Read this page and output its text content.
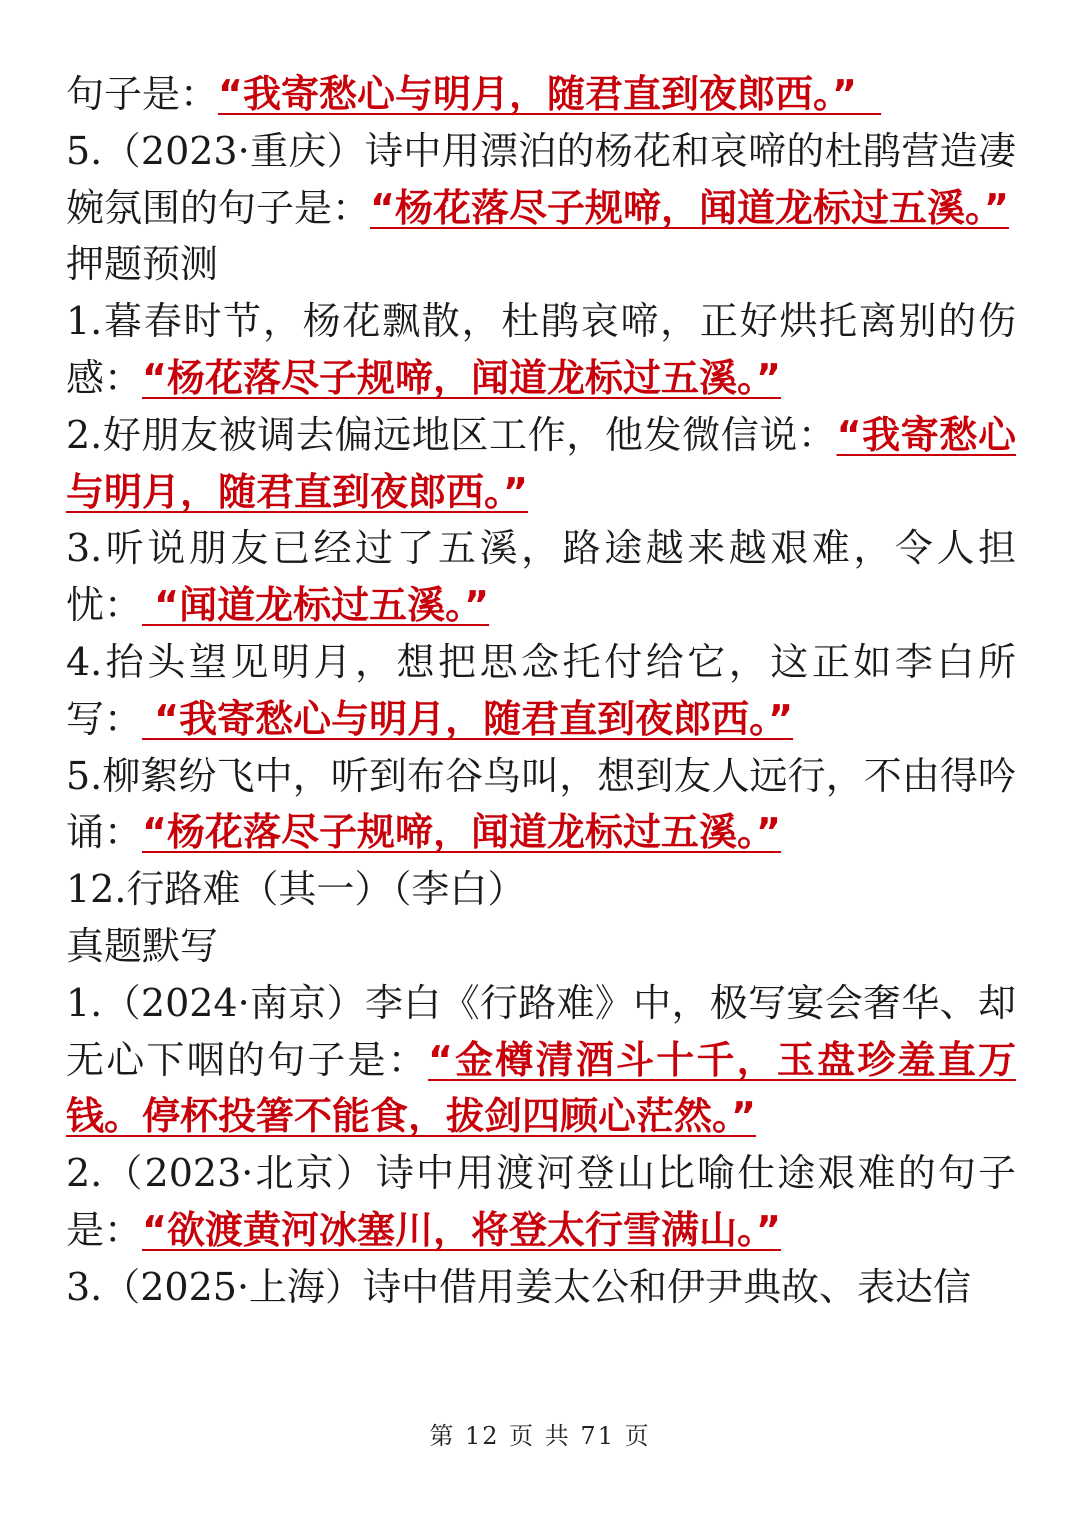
句子是：“我寄愁心与明月，随君直到夜郎西。”

5.（2023·重庆）诗中用漂泊的杨花和哀啼的杜鹃营造凄婉氛围的句子是：“杨花落尽子规啼，闻道龙标过五溪。”

押题预测

1.暮春时节，杨花飘散，杜鹃哀啼，正好烘托离别的伤感：“杨花落尽子规啼，闻道龙标过五溪。”

2.好朋友被调去偏远地区工作，他发微信说：“我寄愁心与明月，随君直到夜郎西。”

3.听说朋友已经过了五溪，路途越来越艰难，令人担忧： “闻道龙标过五溪。”

4.抬头望见明月，想把思念托付给它，这正如李白所写： “我寄愁心与明月，随君直到夜郎西。”

5.柳絮纷飞中，听到布谷鸟叫，想到友人远行，不由得吟诵：“杨花落尽子规啼，闻道龙标过五溪。”

12.行路难（其一）（李白）

真题默写

1.（2024·南京）李白《行路难》中，极写宴会奢华、却无心下咽的句子是：“金樽清酒斗十千，玉盘珍羞直万钱。停杯投箸不能食，拔剑四顾心茫然。”

2.（2023·北京）诗中用渡河登山比喻仕途艰难的句子是：“欲渡黄河冰塞川，将登太行雪满山。”

3.（2025·上海）诗中借用姜太公和伊尹典故、表达信

第 12 页 共 71 页
